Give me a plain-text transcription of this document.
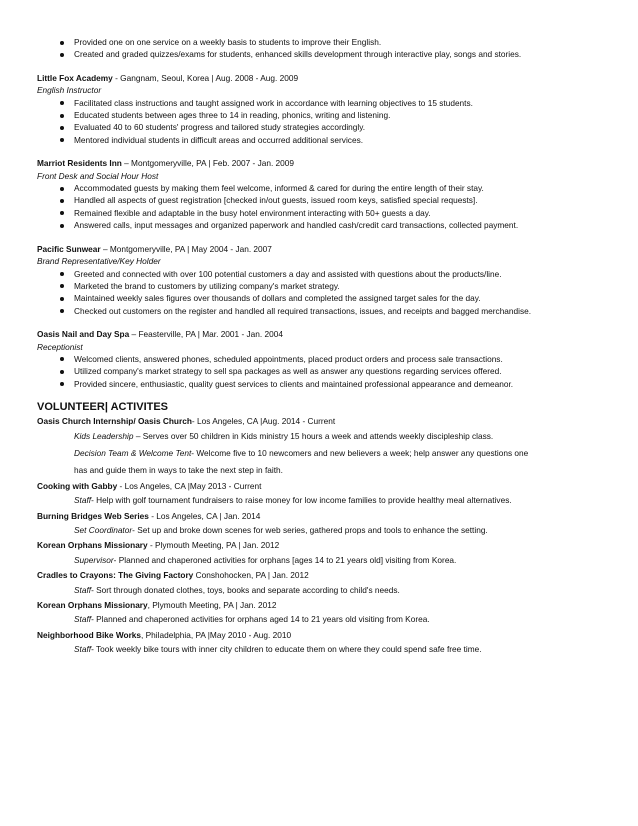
Provided one on one service on a weekly basis to students to improve their English.
Created and graded quizzes/exams for students, enhanced skills development through interactive play, songs and stories.
Little Fox Academy - Gangnam, Seoul, Korea | Aug. 2008 - Aug. 2009
English Instructor
Facilitated class instructions and taught assigned work in accordance with learning objectives to 15 students.
Educated students between ages three to 14 in reading, phonics, writing and listening.
Evaluated 40 to 60 students' progress and tailored study strategies accordingly.
Mentored individual students in difficult areas and occurred additional services.
Marriot Residents Inn – Montgomeryville, PA | Feb. 2007 - Jan. 2009
Front Desk and Social Hour Host
Accommodated guests by making them feel welcome, informed & cared for during the entire length of their stay.
Handled all aspects of guest registration [checked in/out guests, issued room keys, satisfied special requests].
Remained flexible and adaptable in the busy hotel environment interacting with 50+ guests a day.
Answered calls, input messages and organized paperwork and handled cash/credit card transactions, collected payment.
Pacific Sunwear – Montgomeryville, PA | May 2004 - Jan. 2007
Brand Representative/Key Holder
Greeted and connected with over 100 potential customers a day and assisted with questions about the products/line.
Marketed the brand to customers by utilizing company's market strategy.
Maintained weekly sales figures over thousands of dollars and completed the assigned target sales for the day.
Checked out customers on the register and handled all required transactions, issues, and receipts and bagged merchandise.
Oasis Nail and Day Spa – Feasterville, PA | Mar. 2001 - Jan. 2004
Receptionist
Welcomed clients, answered phones, scheduled appointments, placed product orders and process sale transactions.
Utilized company's market strategy to sell spa packages as well as answer any questions regarding services offered.
Provided sincere, enthusiastic, quality guest services to clients and maintained professional appearance and demeanor.
VOLUNTEER| ACTIVITES
Oasis Church Internship/ Oasis Church- Los Angeles, CA |Aug. 2014 - Current
Kids Leadership – Serves over 50 children in Kids ministry 15 hours a week and attends weekly discipleship class.
Decision Team & Welcome Tent- Welcome five to 10 newcomers and new believers a week; help answer any questions one
has and guide them in ways to take the next step in faith.
Cooking with Gabby - Los Angeles, CA |May 2013 - Current
Staff- Help with golf tournament fundraisers to raise money for low income families to provide healthy meal alternatives.
Burning Bridges Web Series - Los Angeles, CA | Jan. 2014
Set Coordinator- Set up and broke down scenes for web series, gathered props and tools to enhance the setting.
Korean Orphans Missionary - Plymouth Meeting, PA | Jan. 2012
Supervisor- Planned and chaperoned activities for orphans [ages 14 to 21 years old] visiting from Korea.
Cradles to Crayons: The Giving Factory Conshohocken, PA | Jan. 2012
Staff- Sort through donated clothes, toys, books and separate according to child's needs.
Korean Orphans Missionary, Plymouth Meeting, PA | Jan. 2012
Staff- Planned and chaperoned activities for orphans aged 14 to 21 years old visiting from Korea.
Neighborhood Bike Works, Philadelphia, PA |May 2010 - Aug. 2010
Staff- Took weekly bike tours with inner city children to educate them on where they could spend safe free time.
